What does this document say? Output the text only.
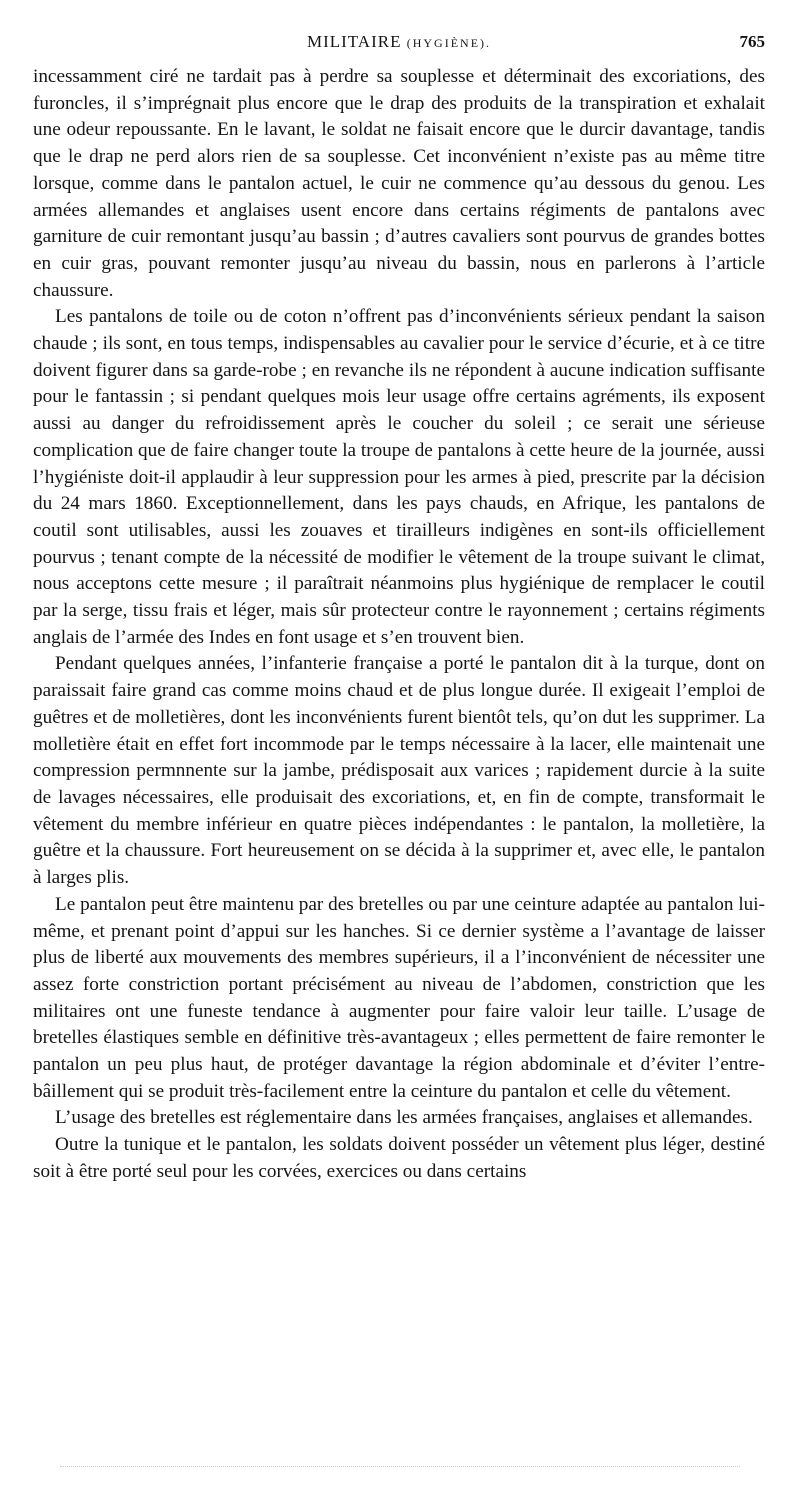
MILITAIRE (HYGIÈNE).	765

incessamment ciré ne tardait pas à perdre sa souplesse et déterminait des excoriations, des furoncles, il s’imprégnait plus encore que le drap des produits de la transpiration et exhalait une odeur repoussante. En le lavant, le soldat ne faisait encore que le durcir davantage, tandis que le drap ne perd alors rien de sa souplesse. Cet inconvénient n’existe pas au même titre lorsque, comme dans le pantalon actuel, le cuir ne commence qu’au dessous du genou. Les armées allemandes et anglaises usent encore dans certains régiments de pantalons avec garniture de cuir remontant jusqu’au bassin ; d’autres cavaliers sont pourvus de grandes bottes en cuir gras, pouvant remonter jusqu’au niveau du bassin, nous en parlerons à l’article chaussure.

Les pantalons de toile ou de coton n’offrent pas d’inconvénients sérieux pendant la saison chaude ; ils sont, en tous temps, indispensables au cavalier pour le service d’écurie, et à ce titre doivent figurer dans sa garde-robe ; en revanche ils ne répondent à aucune indication suffisante pour le fantassin ; si pendant quelques mois leur usage offre certains agréments, ils exposent aussi au danger du refroidissement après le coucher du soleil ; ce serait une sérieuse complication que de faire changer toute la troupe de pantalons à cette heure de la journée, aussi l’hygiéniste doit-il applaudir à leur suppression pour les armes à pied, prescrite par la décision du 24 mars 1860. Exceptionnellement, dans les pays chauds, en Afrique, les pantalons de coutil sont utilisables, aussi les zouaves et tirailleurs indigènes en sont-ils officiellement pourvus ; tenant compte de la nécessité de modifier le vêtement de la troupe suivant le climat, nous acceptons cette mesure ; il paraîtrait néanmoins plus hygiénique de remplacer le coutil par la serge, tissu frais et léger, mais sûr protecteur contre le rayonnement ; certains régiments anglais de l’armée des Indes en font usage et s’en trouvent bien.

Pendant quelques années, l’infanterie française a porté le pantalon dit à la turque, dont on paraissait faire grand cas comme moins chaud et de plus longue durée. Il exigeait l’emploi de guêtres et de molletières, dont les inconvénients furent bientôt tels, qu’on dut les supprimer. La molletière était en effet fort incommode par le temps nécessaire à la lacer, elle maintenait une compression permnnente sur la jambe, prédisposait aux varices ; rapidement durcie à la suite de lavages nécessaires, elle produisait des excoriations, et, en fin de compte, transformait le vêtement du membre inférieur en quatre pièces indépendantes : le pantalon, la molletière, la guêtre et la chaussure. Fort heureusement on se décida à la supprimer et, avec elle, le pantalon à larges plis.

Le pantalon peut être maintenu par des bretelles ou par une ceinture adaptée au pantalon lui-même, et prenant point d’appui sur les hanches. Si ce dernier système a l’avantage de laisser plus de liberté aux mouvements des membres supérieurs, il a l’inconvénient de nécessiter une assez forte constriction portant précisément au niveau de l’abdomen, constriction que les militaires ont une funeste tendance à augmenter pour faire valoir leur taille. L’usage de bretelles élastiques semble en définitive très-avantageux ; elles permettent de faire remonter le pantalon un peu plus haut, de protéger davantage la région abdominale et d’éviter l’entre-bâillement qui se produit très-facilement entre la ceinture du pantalon et celle du vêtement.

L’usage des bretelles est réglementaire dans les armées françaises, anglaises et allemandes.

Outre la tunique et le pantalon, les soldats doivent posséder un vêtement plus léger, destiné soit à être porté seul pour les corvées, exercices ou dans certains
